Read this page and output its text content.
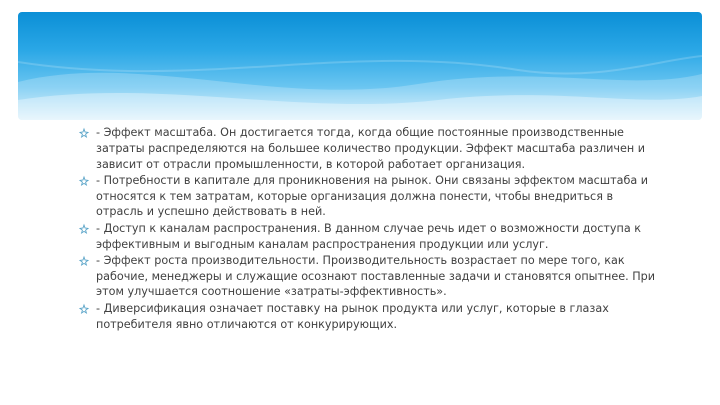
- Эффект масштаба. Он достигается тогда, когда общие постоянные производственные затраты распределяются на большее количество продукции. Эффект масштаба различен и зависит от отрасли промышленности, в которой работает организация.
- Потребности в капитале для проникновения на рынок. Они связаны эффектом масштаба и относятся к тем затратам, которые организация должна понести, чтобы внедриться в отрасль и успешно действовать в ней.
- Доступ к каналам распространения. В данном случае речь идет о возможности доступа к эффективным и выгодным каналам распространения продукции или услуг.
- Эффект роста производительности. Производительность возрастает по мере того, как рабочие, менеджеры и служащие осознают поставленные задачи и становятся опытнее. При этом улучшается соотношение «затраты-эффективность».
- Диверсификация означает поставку на рынок продукта или услуг, которые в глазах потребителя явно отличаются от конкурирующих.
